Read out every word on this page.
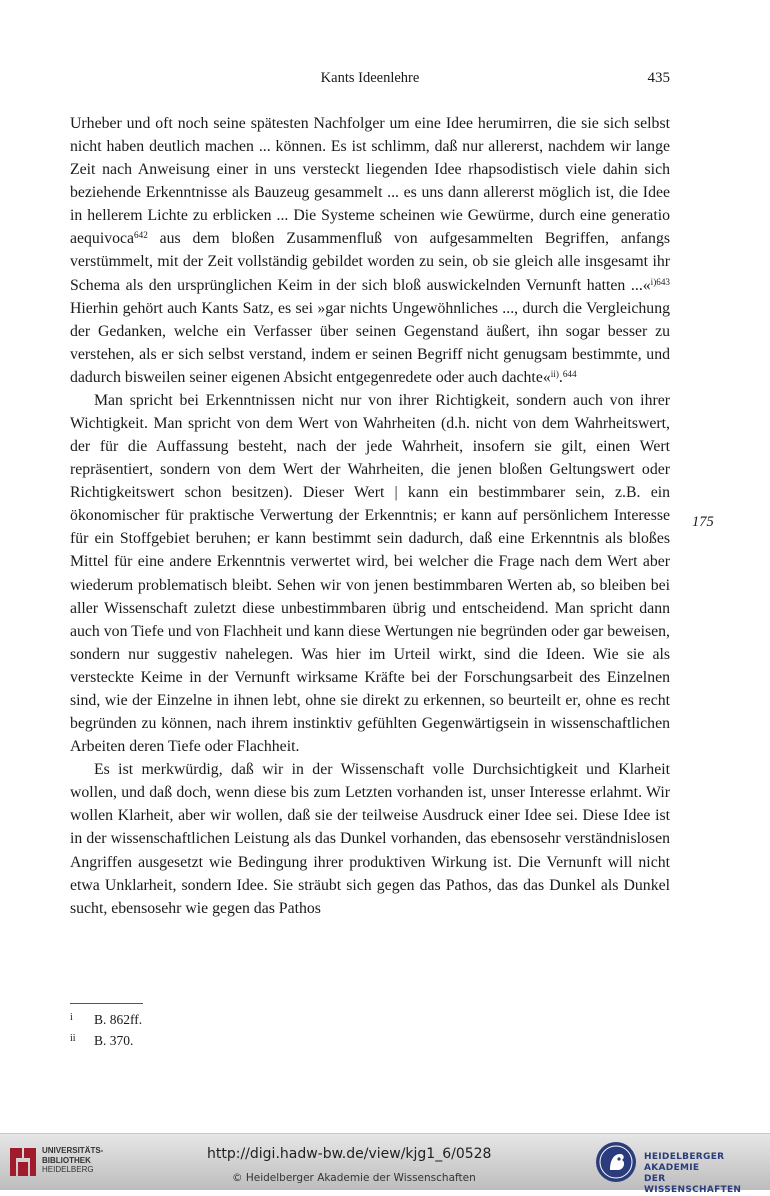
Kants Ideenlehre	435

Urheber und oft noch seine spätesten Nachfolger um eine Idee herumirren, die sie sich selbst nicht haben deutlich machen ... können. Es ist schlimm, daß nur allererst, nachdem wir lange Zeit nach Anweisung einer in uns versteckt liegenden Idee rhapsodistisch viele dahin sich beziehende Erkenntnisse als Bauzeug gesammelt ... es uns dann allererst möglich ist, die Idee in hellerem Lichte zu erblicken ... Die Systeme scheinen wie Gewürme, durch eine generatio aequivoca$^{642}$ aus dem bloßen Zusammenfluß von aufgesammelten Begriffen, anfangs verstümmelt, mit der Zeit vollständig gebildet worden zu sein, ob sie gleich alle insgesamt ihr Schema als den ursprünglichen Keim in der sich bloß auswickelnden Vernunft hatten ...«$^{i)643}$ Hierhin gehört auch Kants Satz, es sei »gar nichts Ungewöhnliches ..., durch die Vergleichung der Gedanken, welche ein Verfasser über seinen Gegenstand äußert, ihn sogar besser zu verstehen, als er sich selbst verstand, indem er seinen Begriff nicht genugsam bestimmte, und dadurch bisweilen seiner eigenen Absicht entgegenredete oder auch dachte«$^{ii)}$.$^{644}$

Man spricht bei Erkenntnissen nicht nur von ihrer Richtigkeit, sondern auch von ihrer Wichtigkeit. Man spricht von dem Wert von Wahrheiten (d.h. nicht von dem Wahrheitswert, der für die Auffassung besteht, nach der jede Wahrheit, insofern sie gilt, einen Wert repräsentiert, sondern von dem Wert der Wahrheiten, die jenen bloßen Geltungswert oder Richtigkeitswert schon besitzen). Dieser Wert | kann ein bestimmbarer sein, z.B. ein ökonomischer für praktische Verwertung der Erkenntnis; er kann auf persönlichem Interesse für ein Stoffgebiet beruhen; er kann bestimmt sein dadurch, daß eine Erkenntnis als bloßes Mittel für eine andere Erkenntnis verwertet wird, bei welcher die Frage nach dem Wert aber wiederum problematisch bleibt. Sehen wir von jenen bestimmbaren Werten ab, so bleiben bei aller Wissenschaft zuletzt diese unbestimmbaren übrig und entscheidend. Man spricht dann auch von Tiefe und von Flachheit und kann diese Wertungen nie begründen oder gar beweisen, sondern nur suggestiv nahelegen. Was hier im Urteil wirkt, sind die Ideen. Wie sie als versteckte Keime in der Vernunft wirksame Kräfte bei der Forschungsarbeit des Einzelnen sind, wie der Einzelne in ihnen lebt, ohne sie direkt zu erkennen, so beurteilt er, ohne es recht begründen zu können, nach ihrem instinktiv gefühlten Gegenwärtigsein in wissenschaftlichen Arbeiten deren Tiefe oder Flachheit.

Es ist merkwürdig, daß wir in der Wissenschaft volle Durchsichtigkeit und Klarheit wollen, und daß doch, wenn diese bis zum Letzten vorhanden ist, unser Interesse erlahmt. Wir wollen Klarheit, aber wir wollen, daß sie der teilweise Ausdruck einer Idee sei. Diese Idee ist in der wissenschaftlichen Leistung als das Dunkel vorhanden, das ebensosehr verständnislosen Angriffen ausgesetzt wie Bedingung ihrer produktiven Wirkung ist. Die Vernunft will nicht etwa Unklarheit, sondern Idee. Sie sträubt sich gegen das Pathos, das das Dunkel als Dunkel sucht, ebensosehr wie gegen das Pathos

175
i B. 862ff.
ii B. 370.
UNIVERSITÄTS-
BIBLIOTHEK
HEIDELBERG
http://digi.hadw-bw.de/view/kjg1_6/0528
© Heidelberger Akademie der Wissenschaften
HEIDELBERGER AKADEMIE
DER WISSENSCHAFTEN
